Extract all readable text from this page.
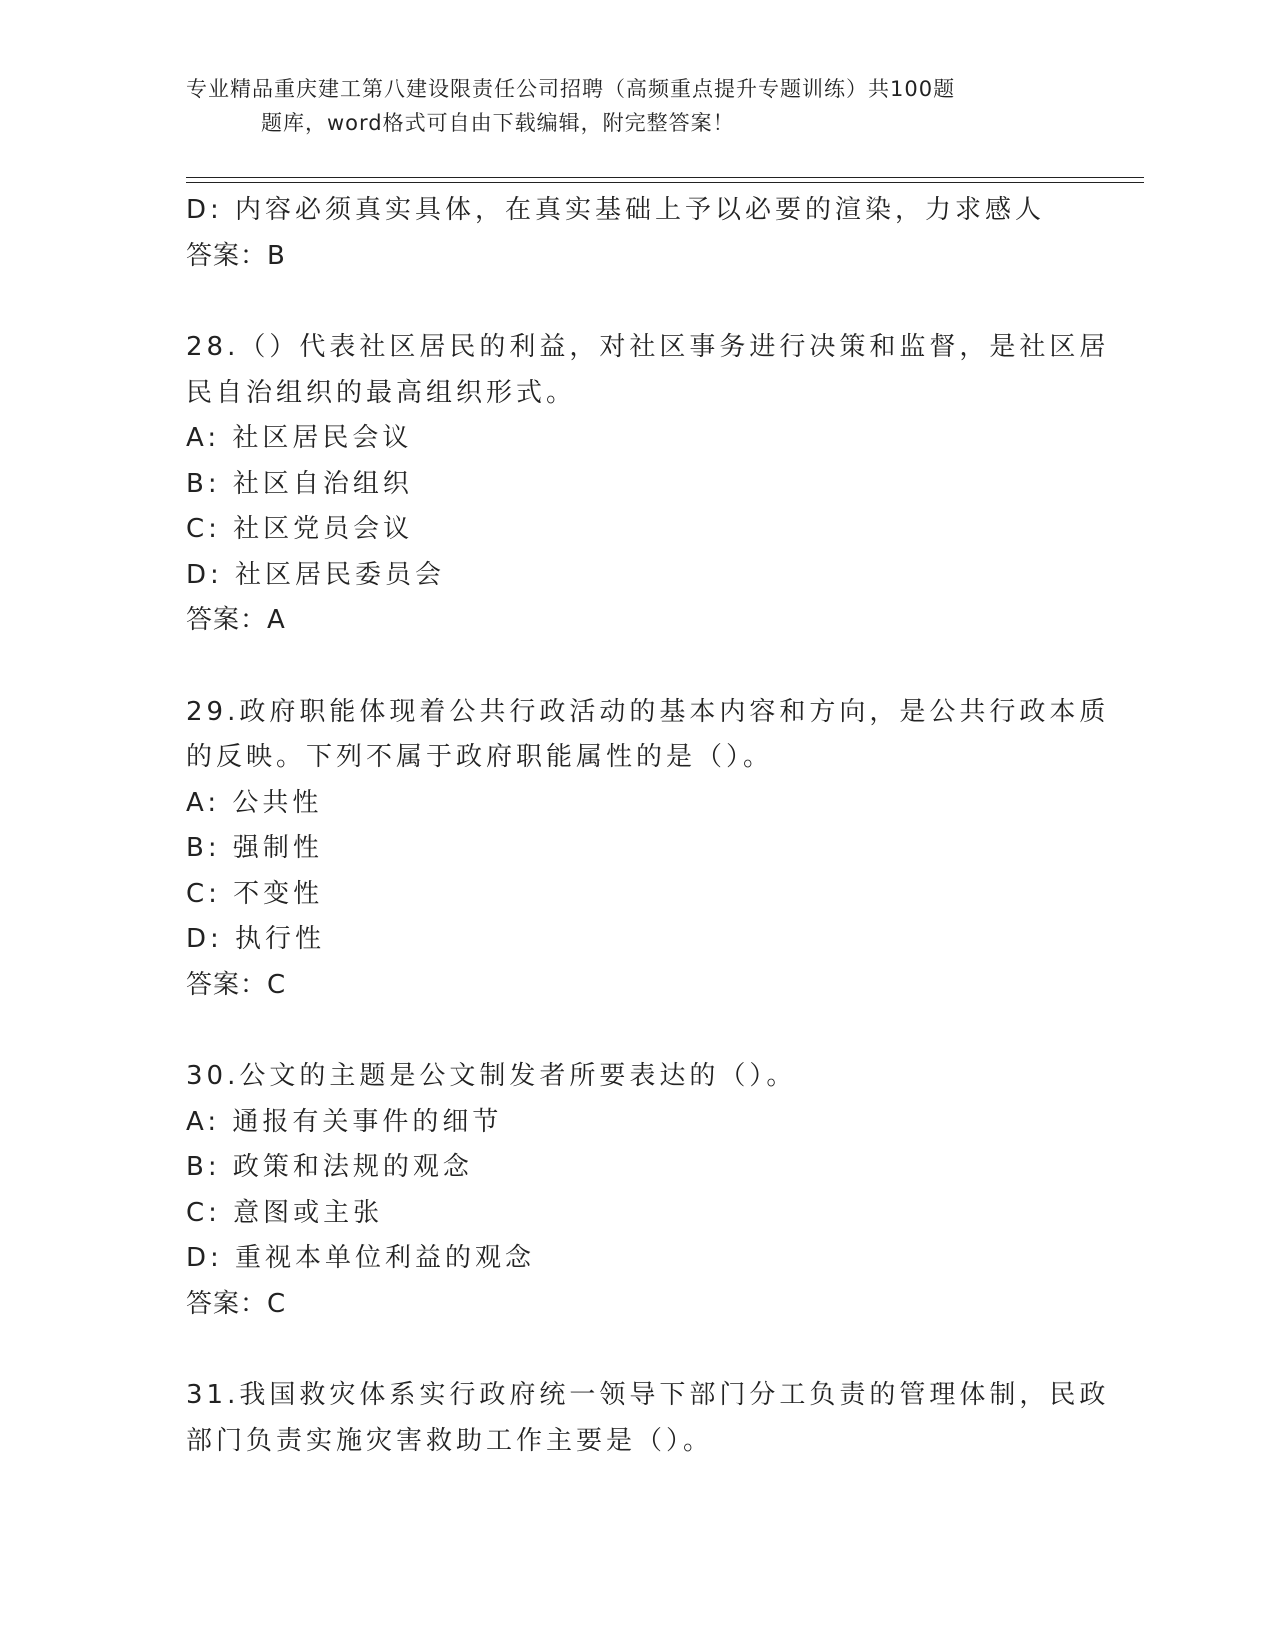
专业精品重庆建工第八建设限责任公司招聘（高频重点提升专题训练）共100题
题库，word格式可自由下载编辑，附完整答案！
D: 内容必须真实具体，在真实基础上予以必要的渲染，力求感人
答案：B
28.（）代表社区居民的利益，对社区事务进行决策和监督，是社区居
民自治组织的最高组织形式。
A: 社区居民会议
B: 社区自治组织
C: 社区党员会议
D: 社区居民委员会
答案：A
29.政府职能体现着公共行政活动的基本内容和方向，是公共行政本质
的反映。下列不属于政府职能属性的是（）。
A: 公共性
B: 强制性
C: 不变性
D: 执行性
答案：C
30.公文的主题是公文制发者所要表达的（）。
A: 通报有关事件的细节
B: 政策和法规的观念
C: 意图或主张
D: 重视本单位利益的观念
答案：C
31.我国救灾体系实行政府统一领导下部门分工负责的管理体制，民政
部门负责实施灾害救助工作主要是（）。
